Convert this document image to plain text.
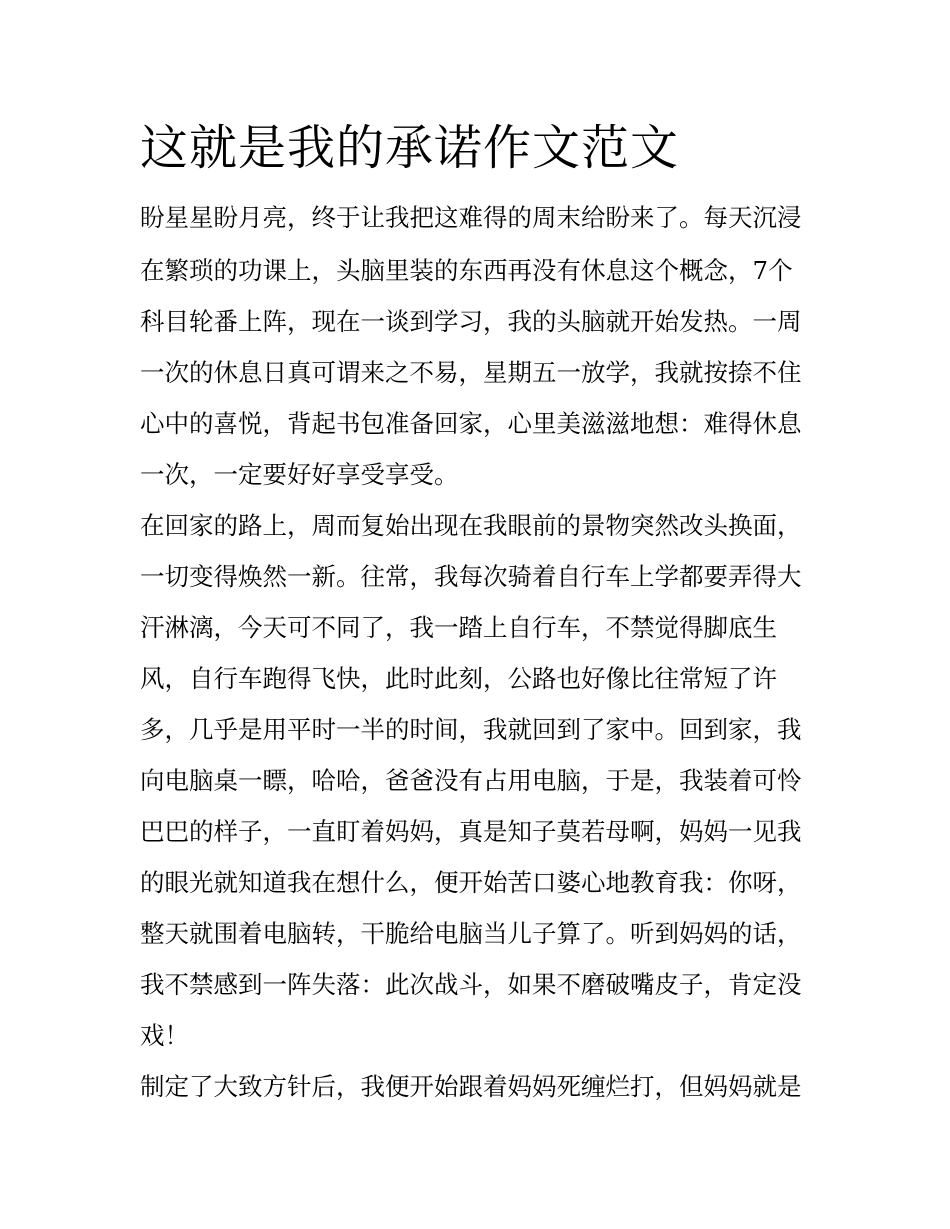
这就是我的承诺作文范文

盼星星盼月亮，终于让我把这难得的周末给盼来了。每天沉浸

在繁琐的功课上，头脑里装的东西再没有休息这个概念，7个

科目轮番上阵，现在一谈到学习，我的头脑就开始发热。一周

一次的休息日真可谓来之不易，星期五一放学，我就按捺不住

心中的喜悦，背起书包准备回家，心里美滋滋地想：难得休息

一次，一定要好好享受享受。

在回家的路上，周而复始出现在我眼前的景物突然改头换面，

一切变得焕然一新。往常，我每次骑着自行车上学都要弄得大

汗淋漓，今天可不同了，我一踏上自行车，不禁觉得脚底生

风，自行车跑得飞快，此时此刻，公路也好像比往常短了许

多，几乎是用平时一半的时间，我就回到了家中。回到家，我

向电脑桌一瞟，哈哈，爸爸没有占用电脑，于是，我装着可怜

巴巴的样子，一直盯着妈妈，真是知子莫若母啊，妈妈一见我

的眼光就知道我在想什么，便开始苦口婆心地教育我：你呀，

整天就围着电脑转，干脆给电脑当儿子算了。听到妈妈的话，

我不禁感到一阵失落：此次战斗，如果不磨破嘴皮子，肯定没

戏！

制定了大致方针后，我便开始跟着妈妈死缠烂打，但妈妈就是
